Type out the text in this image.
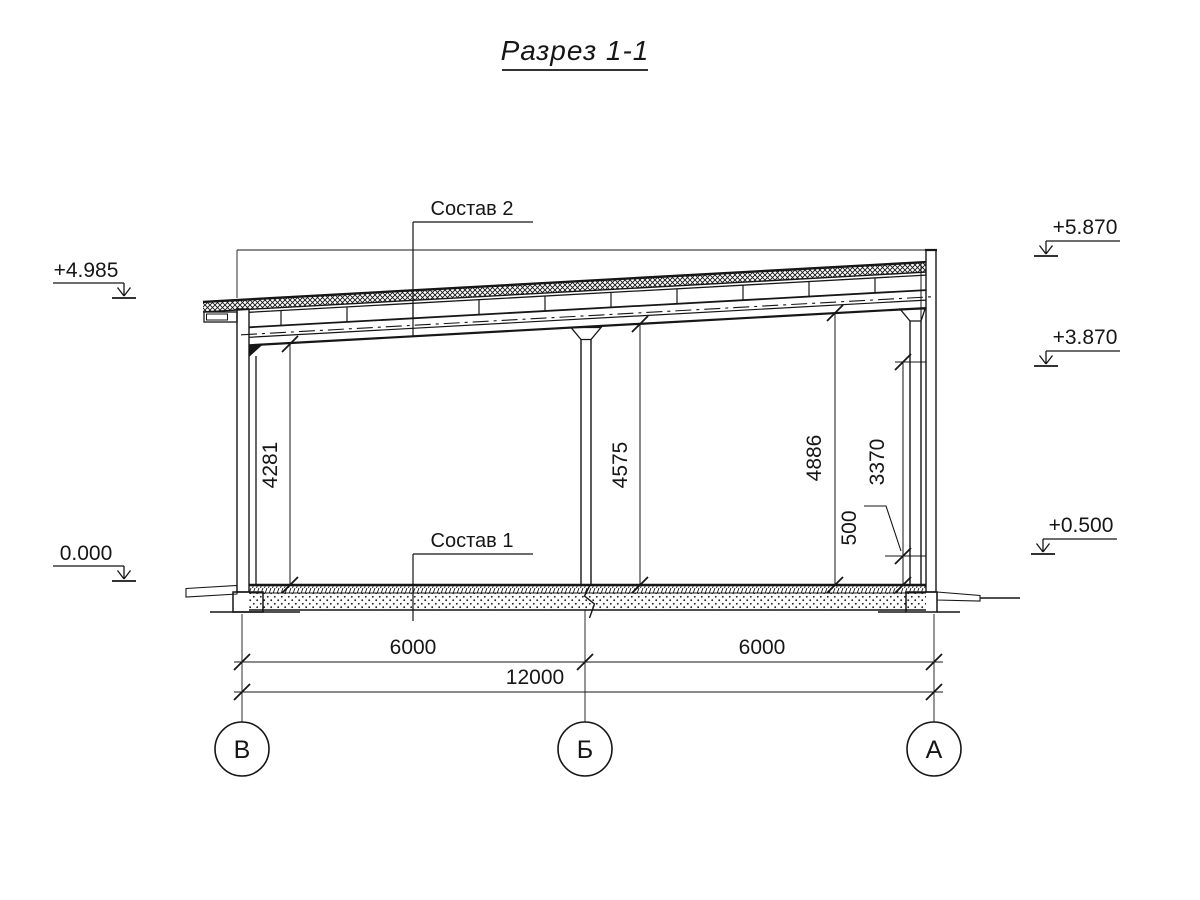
Разрез 1-1
Состав 2
Состав 1
+4.985
0.000
+5.870
+3.870
+0.500
4281	4575	4886 3370
500
6000	6000
12000
В	Б	А
